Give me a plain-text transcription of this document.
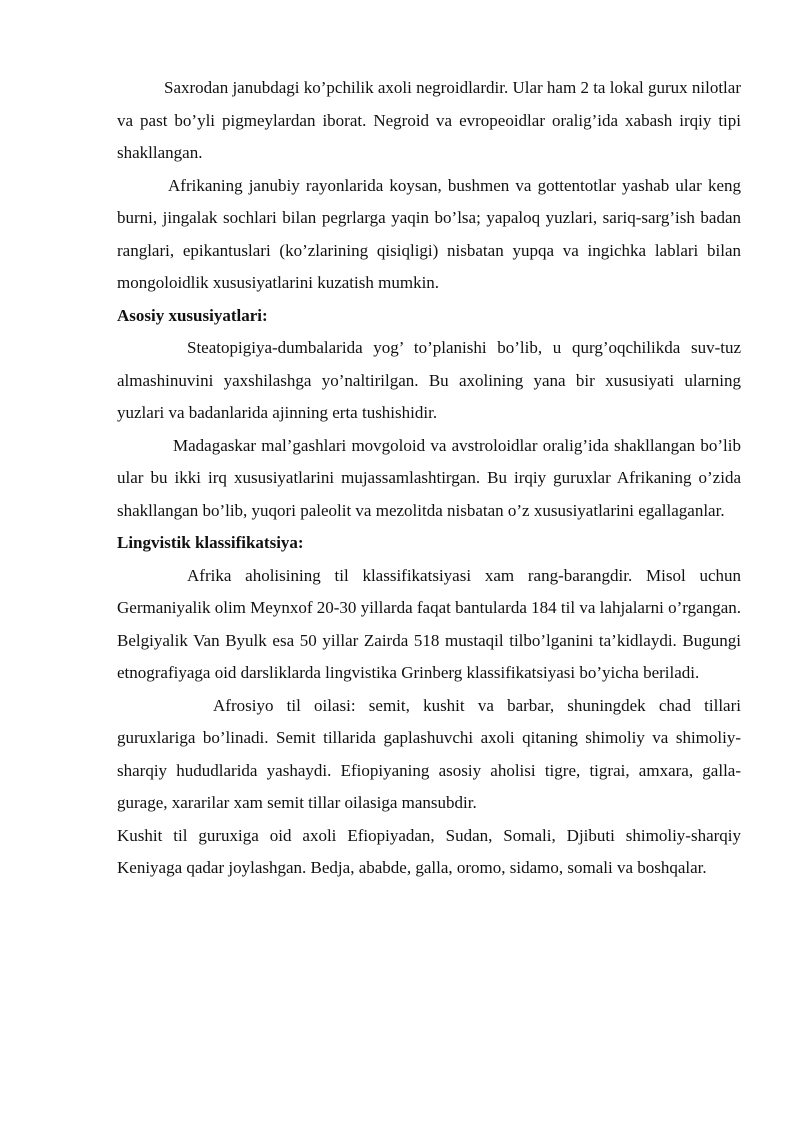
Saxrodan janubdagi ko’pchilik axoli negroidlardir. Ular ham 2 ta lokal gurux nilotlar va past bo’yli pigmeylardan iborat. Negroid va evropeoidlar oralig’ida xabash irqiy tipi shakllangan.

Afrikaning janubiy rayonlarida koysan, bushmen va gottentotlar yashab ular keng burni, jingalak sochlari bilan pegrlarga yaqin bo’lsa; yapaloq yuzlari, sariq-sarg’ish badan ranglari, epikantuslari (ko’zlarining qisiqligi) nisbatan yupqa va ingichka lablari bilan mongoloidlik xususiyatlarini kuzatish mumkin.

Asosiy xususiyatlari:

Steatopigiya-dumbalarida yog’ to’planishi bo’lib, u qurg’oqchilikda suv-tuz almashinuvini yaxshilashga yo’naltirilgan. Bu axolining yana bir xususiyati ularning yuzlari va badanlarida ajinning erta tushishidir.

Madagaskar mal’gashlari movgoloid va avstroloidlar oralig’ida shakllangan bo’lib ular bu ikki irq xususiyatlarini mujassamlashtirgan. Bu irqiy guruxlar Afrikaning o’zida shakllangan bo’lib, yuqori paleolit va mezolitda nisbatan o’z xususiyatlarini egallaganlar.

Lingvistik klassifikatsiya:

Afrika aholisining til klassifikatsiyasi xam rang-barangdir. Misol uchun Germaniyalik olim Meynxof 20-30 yillarda faqat bantularda 184 til va lahjalarni o’rgangan. Belgiyalik Van Byulk esa 50 yillar Zairda 518 mustaqil tilbo’lganini ta’kidlaydi. Bugungi etnografiyaga oid darsliklarda lingvistika Grinberg klassifikatsiyasi bo’yicha beriladi.

Afrosiyo til oilasi: semit, kushit va barbar, shuningdek chad tillari guruxlariga bo’linadi. Semit tillarida gaplashuvchi axoli qitaning shimoliy va shimoliy-sharqiy hududlarida yashaydi. Efiopiyaning asosiy aholisi tigre, tigrai, amxara, galla-gurage, xararilar xam semit tillar oilasiga mansubdir.

Kushit til guruxiga oid axoli Efiopiyadan, Sudan, Somali, Djibuti shimoliy-sharqiy Keniyaga qadar joylashgan. Bedja, ababde, galla, oromo, sidamo, somali va boshqalar.
